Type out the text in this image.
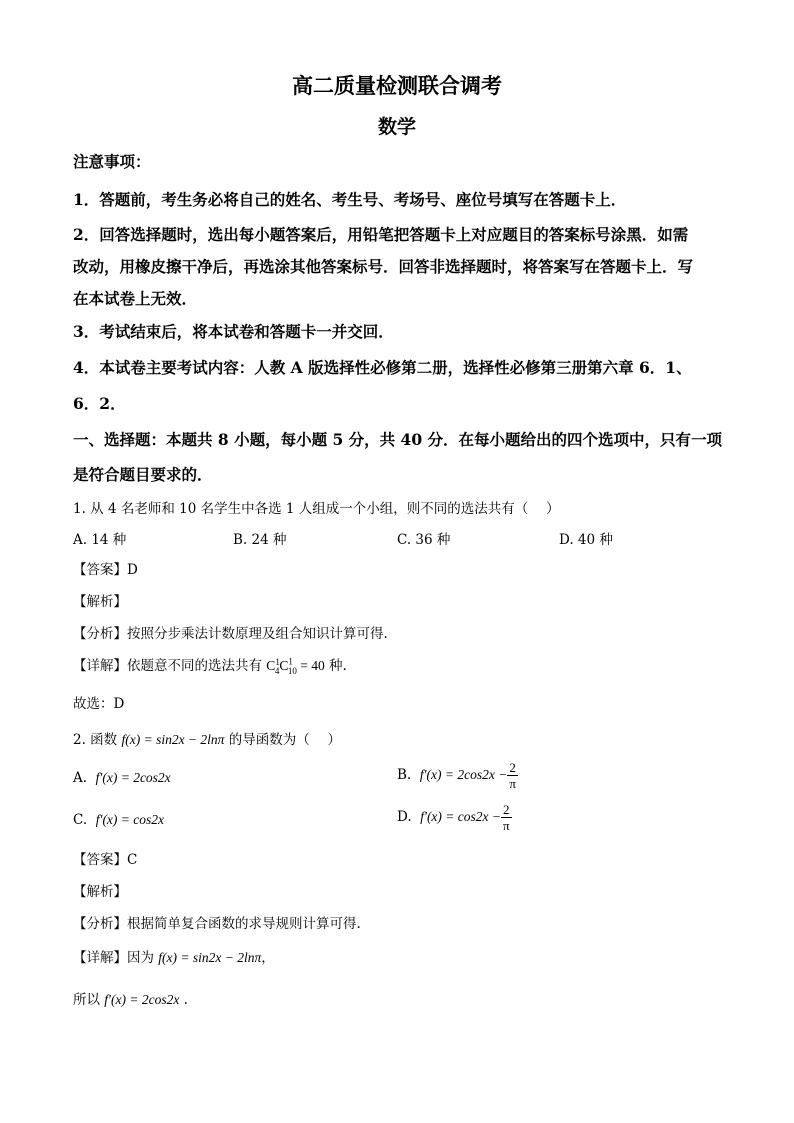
高二质量检测联合调考
数学
注意事项：
1．答题前，考生务必将自己的姓名、考生号、考场号、座位号填写在答题卡上．
2．回答选择题时，选出每小题答案后，用铅笔把答题卡上对应题目的答案标号涂黑．如需
改动，用橡皮擦干净后，再选涂其他答案标号．回答非选择题时，将答案写在答题卡上．写
在本试卷上无效．
3．考试结束后，将本试卷和答题卡一并交回．
4．本试卷主要考试内容：人教 A 版选择性必修第二册，选择性必修第三册第六章 6．1、
6．2．
一、选择题：本题共 8 小题，每小题 5 分，共 40 分．在每小题给出的四个选项中，只有一项
是符合题目要求的．
1. 从 4 名老师和 10 名学生中各选 1 人组成一个小组，则不同的选法共有（　 ）
A. 14 种	B. 24 种	C. 36 种	D. 40 种
【答案】D
【解析】
【分析】按照分步乘法计数原理及组合知识计算可得.
【详解】依题意不同的选法共有 $C^1_4C^1_{10} = 40$ 种.
故选：D
2. 函数 f(x) = sin2x − 2lnπ 的导函数为（　 ）
A. f′(x) = 2cos2x	B. $f'(x) = 2\cos 2x - \frac{2}{\pi}$
C. f′(x) = cos2x	D. $f'(x) = \cos 2x - \frac{2}{\pi}$
【答案】C
【解析】
【分析】根据简单复合函数的求导规则计算可得.
【详解】因为 f(x) = sin2x − 2lnπ，
所以 f′(x) = 2cos2x .
